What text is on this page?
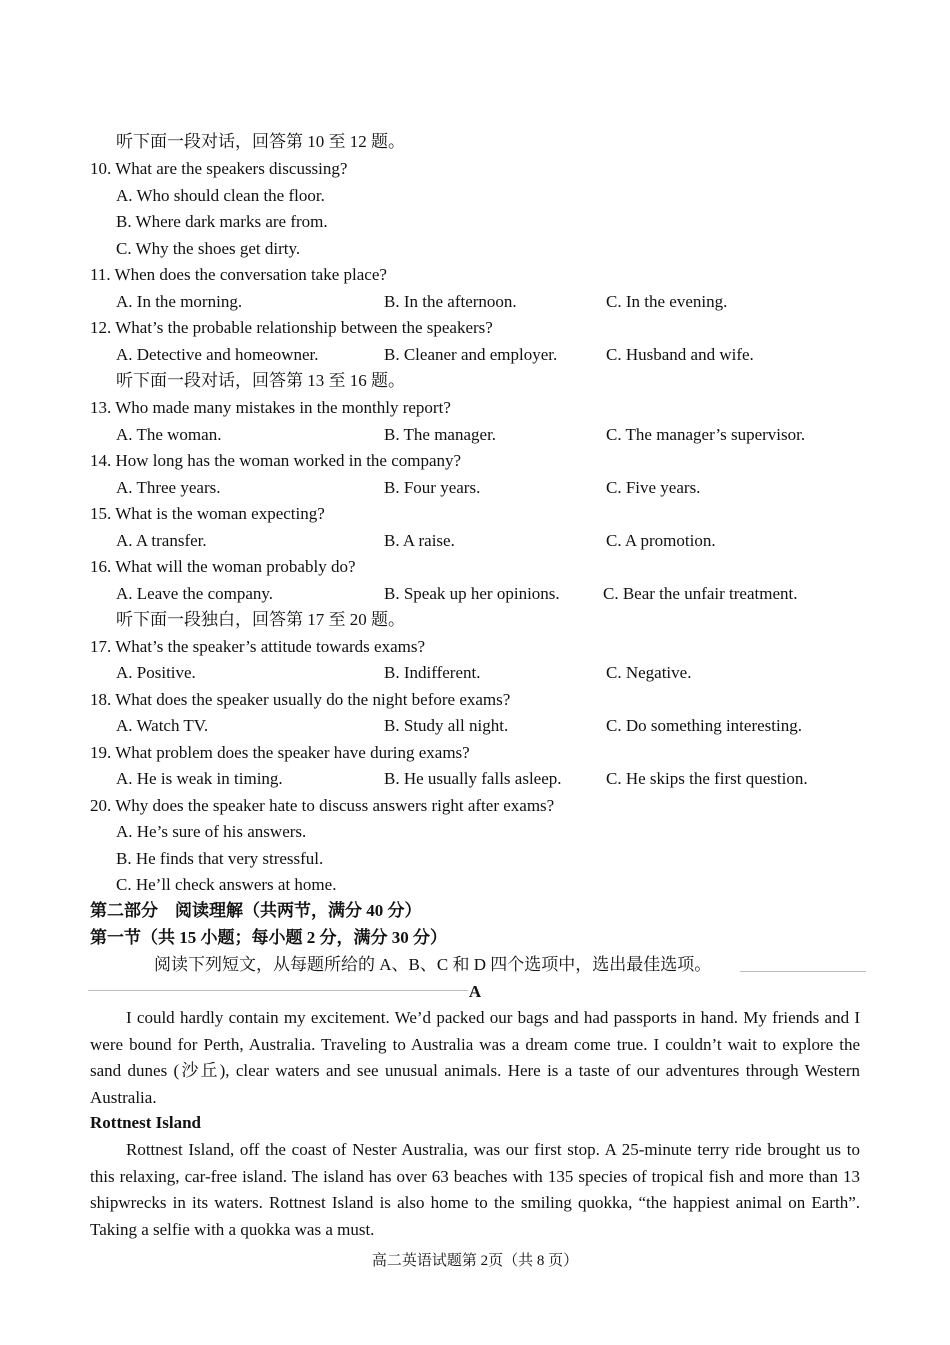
听下面一段对话，回答第 10 至 12 题。
10. What are the speakers discussing?
A. Who should clean the floor.
B. Where dark marks are from.
C. Why the shoes get dirty.
11. When does the conversation take place?
A. In the morning.	B. In the afternoon.	C. In the evening.
12. What’s the probable relationship between the speakers?
A. Detective and homeowner.	B. Cleaner and employer.	C. Husband and wife.
听下面一段对话，回答第 13 至 16 题。
13. Who made many mistakes in the monthly report?
A. The woman.	B. The manager.	C. The manager’s supervisor.
14. How long has the woman worked in the company?
A. Three years.	B. Four years.	C. Five years.
15. What is the woman expecting?
A. A transfer.	B. A raise.	C. A promotion.
16. What will the woman probably do?
A. Leave the company.	B. Speak up her opinions.	C. Bear the unfair treatment.
听下面一段独白，回答第 17 至 20 题。
17. What’s the speaker’s attitude towards exams?
A. Positive.	B. Indifferent.	C. Negative.
18. What does the speaker usually do the night before exams?
A. Watch TV.	B. Study all night.	C. Do something interesting.
19. What problem does the speaker have during exams?
A. He is weak in timing.	B. He usually falls asleep.	C. He skips the first question.
20. Why does the speaker hate to discuss answers right after exams?
A. He’s sure of his answers.
B. He finds that very stressful.
C. He’ll check answers at home.
第二部分　阅读理解（共两节，满分 40 分）
第一节（共 15 小题；每小题 2 分，满分 30 分）
阅读下列短文，从每题所给的 A、B、C 和 D 四个选项中，选出最佳选项。
A
I could hardly contain my excitement. We’d packed our bags and had passports in hand. My friends and I were bound for Perth, Australia. Traveling to Australia was a dream come true. I couldn’t wait to explore the sand dunes (沙丘), clear waters and see unusual animals. Here is a taste of our adventures through Western Australia.
Rottnest Island
Rottnest Island, off the coast of Nester Australia, was our first stop. A 25-minute terry ride brought us to this relaxing, car-free island. The island has over 63 beaches with 135 species of tropical fish and more than 13 shipwrecks in its waters. Rottnest Island is also home to the smiling quokka, “the happiest animal on Earth”. Taking a selfie with a quokka was a must.
高二英语试题第 2页（共 8 页）
